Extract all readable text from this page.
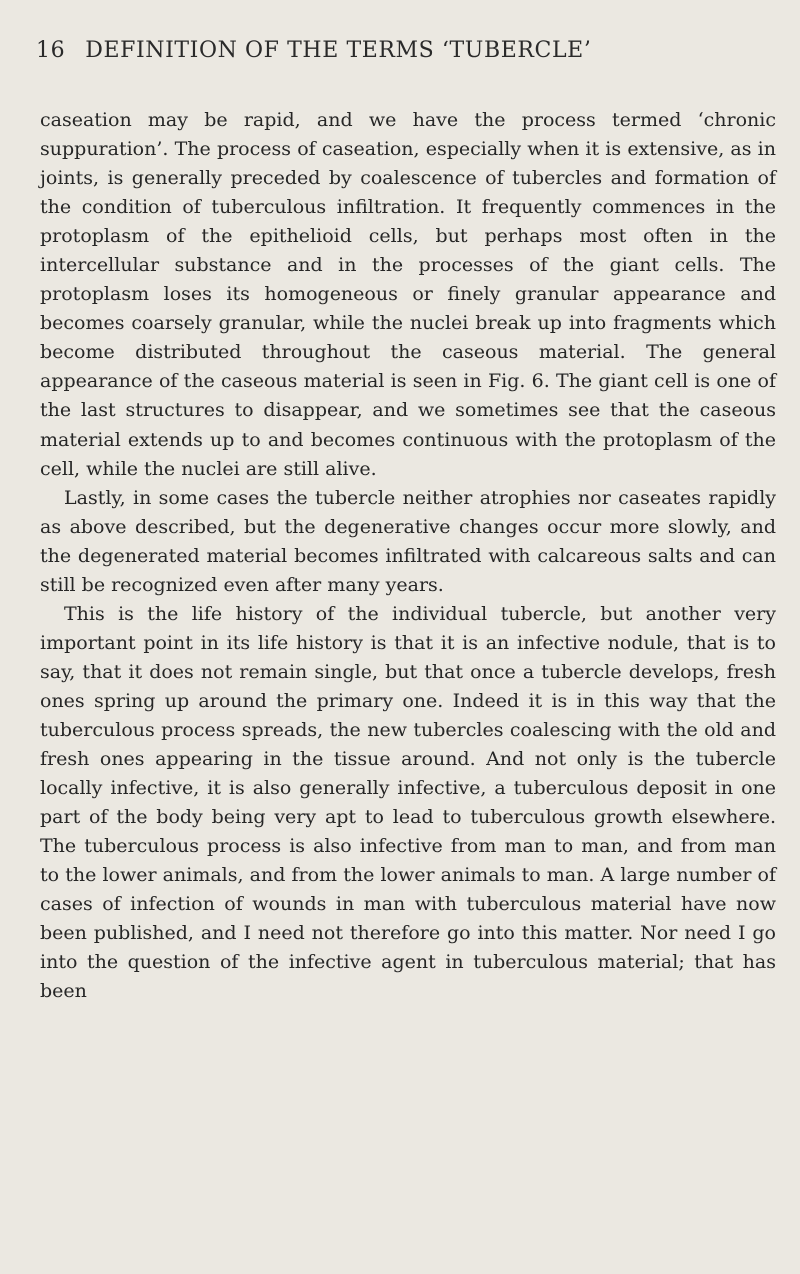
16 DEFINITION OF THE TERMS ‘TUBERCLE’

caseation may be rapid, and we have the process termed ‘chronic suppuration’. The process of caseation, especially when it is extensive, as in joints, is generally preceded by coalescence of tubercles and formation of the condition of tuberculous infiltration. It frequently commences in the protoplasm of the epithelioid cells, but perhaps most often in the intercellular substance and in the processes of the giant cells. The protoplasm loses its homogeneous or finely granular appearance and becomes coarsely granular, while the nuclei break up into fragments which become distributed throughout the caseous material. The general appearance of the caseous material is seen in Fig. 6. The giant cell is one of the last structures to disappear, and we sometimes see that the caseous material extends up to and becomes continuous with the protoplasm of the cell, while the nuclei are still alive.

Lastly, in some cases the tubercle neither atrophies nor caseates rapidly as above described, but the degenerative changes occur more slowly, and the degenerated material becomes infiltrated with calcareous salts and can still be recognized even after many years.

This is the life history of the individual tubercle, but another very important point in its life history is that it is an infective nodule, that is to say, that it does not remain single, but that once a tubercle develops, fresh ones spring up around the primary one. Indeed it is in this way that the tuberculous process spreads, the new tubercles coalescing with the old and fresh ones appearing in the tissue around. And not only is the tubercle locally infective, it is also generally infective, a tuberculous deposit in one part of the body being very apt to lead to tuberculous growth elsewhere. The tuberculous process is also infective from man to man, and from man to the lower animals, and from the lower animals to man. A large number of cases of infection of wounds in man with tuberculous material have now been published, and I need not therefore go into this matter. Nor need I go into the question of the infective agent in tuberculous material; that has been
